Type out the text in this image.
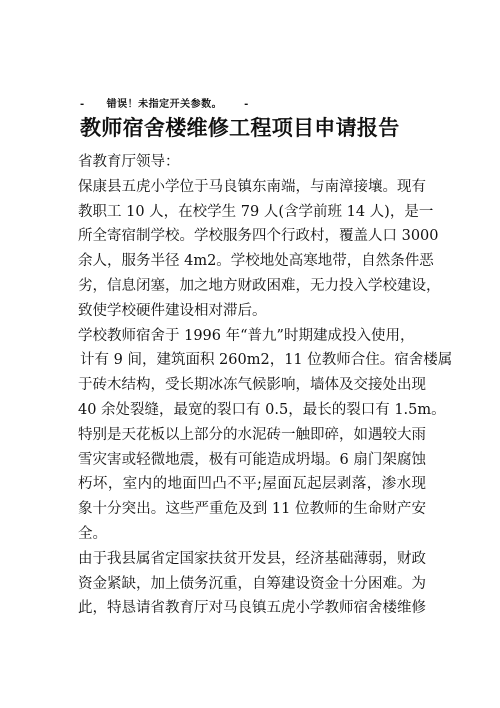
- 错误！未指定开关参数。 -
教师宿舍楼维修工程项目申请报告
省教育厅领导：
保康县五虎小学位于马良镇东南端，与南漳接壤。现有
教职工 10 人，在校学生 79 人(含学前班 14 人)，是一
所全寄宿制学校。学校服务四个行政村，覆盖人口 3000
余人，服务半径 4m2。学校地处高寒地带，自然条件恶
劣，信息闭塞，加之地方财政困难，无力投入学校建设，
致使学校硬件建设相对滞后。
学校教师宿舍于 1996 年“普九”时期建成投入使用，
计有 9 间，建筑面积 260m2，11 位教师合住。宿舍楼属
于砖木结构，受长期冰冻气候影响，墙体及交接处出现
40 余处裂缝，最宽的裂口有 0.5，最长的裂口有 1.5m。
特别是天花板以上部分的水泥砖一触即碎，如遇较大雨
雪灾害或轻微地震，极有可能造成坍塌。6 扇门架腐蚀
朽坏，室内的地面凹凸不平;屋面瓦起层剥落，渗水现
象十分突出。这些严重危及到 11 位教师的生命财产安
全。
由于我县属省定国家扶贫开发县，经济基础薄弱，财政
资金紧缺，加上债务沉重，自筹建设资金十分困难。为
此，特恳请省教育厅对马良镇五虎小学教师宿舍楼维修
